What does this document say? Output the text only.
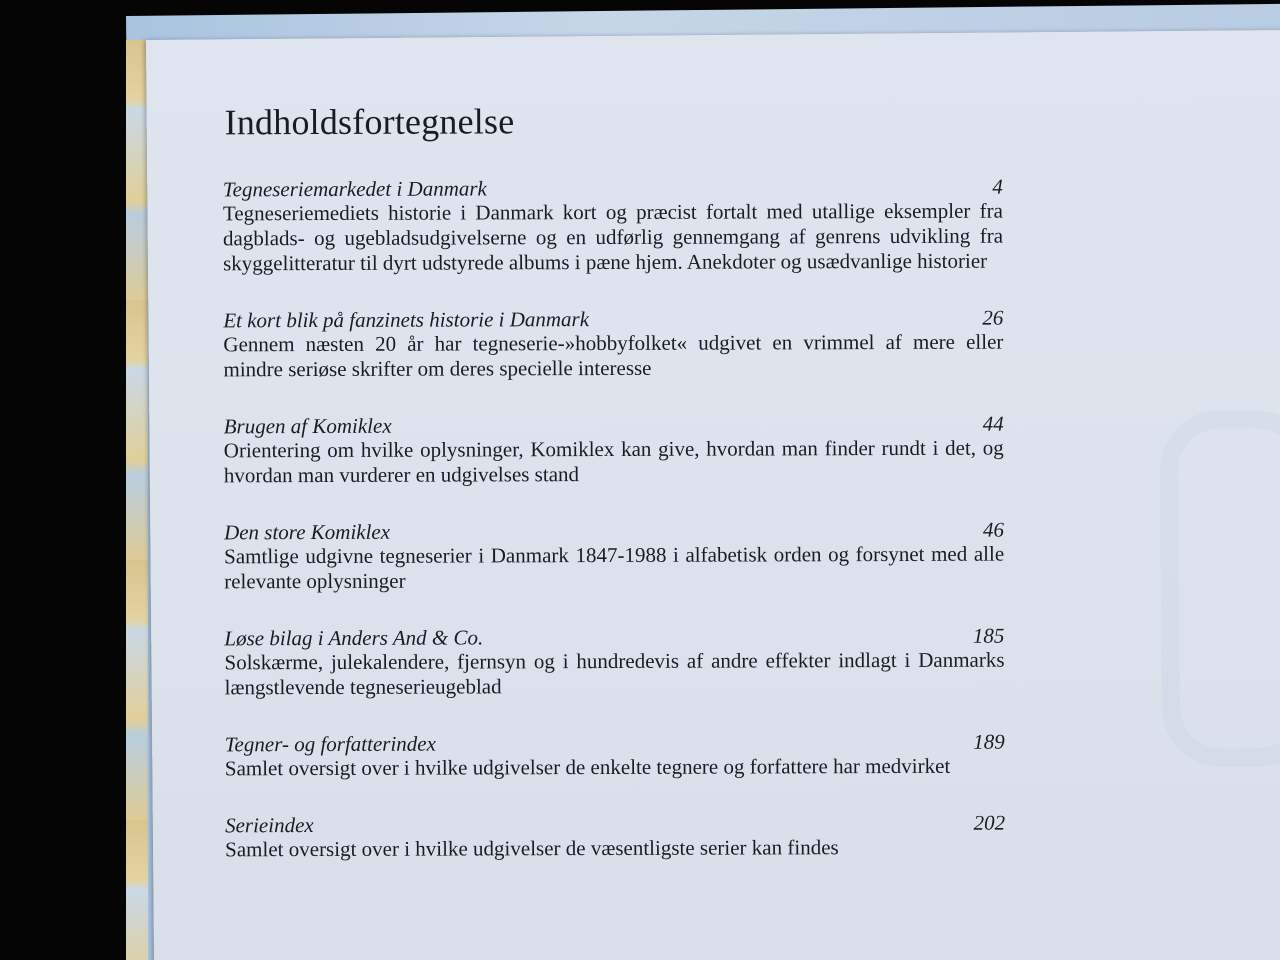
Indholdsfortegnelse
Tegneseriemarkedet i Danmark	4
Tegneseriemediets historie i Danmark kort og præcist fortalt med utallige eksempler fra dagblads- og ugebladsudgivelserne og en udførlig gennemgang af genrens udvikling fra skyggelitteratur til dyrt udstyrede albums i pæne hjem. Anekdoter og usædvanlige historier
Et kort blik på fanzinets historie i Danmark	26
Gennem næsten 20 år har tegneserie-»hobbyfolket« udgivet en vrimmel af mere eller mindre seriøse skrifter om deres specielle interesse
Brugen af Komiklex	44
Orientering om hvilke oplysninger, Komiklex kan give, hvordan man finder rundt i det, og hvordan man vurderer en udgivelses stand
Den store Komiklex	46
Samtlige udgivne tegneserier i Danmark 1847-1988 i alfabetisk orden og forsynet med alle relevante oplysninger
Løse bilag i Anders And & Co.	185
Solskærme, julekalendere, fjernsyn og i hundredevis af andre effekter indlagt i Danmarks længstlevende tegneserieugeblad
Tegner- og forfatterindex	189
Samlet oversigt over i hvilke udgivelser de enkelte tegnere og forfattere har medvirket
Serieindex	202
Samlet oversigt over i hvilke udgivelser de væsentligste serier kan findes
